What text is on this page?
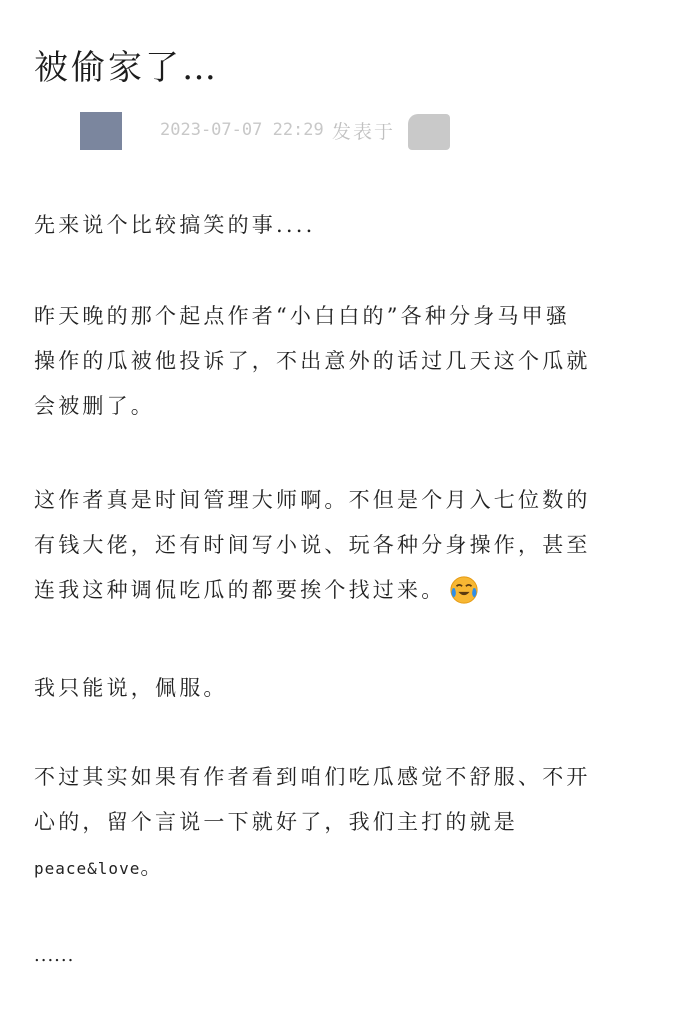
被偷家了…
2023-07-07 22:29 发表于
先来说个比较搞笑的事....
昨天晚的那个起点作者“小白白的”各种分身马甲骚
操作的瓜被他投诉了，不出意外的话过几天这个瓜就
会被删了。
这作者真是时间管理大师啊。不但是个月入七位数的
有钱大佬，还有时间写小说、玩各种分身操作，甚至
连我这种调侃吃瓜的都要挨个找过来。
我只能说，佩服。
不过其实如果有作者看到咱们吃瓜感觉不舒服、不开
心的，留个言说一下就好了，我们主打的就是
peace&love。
......
